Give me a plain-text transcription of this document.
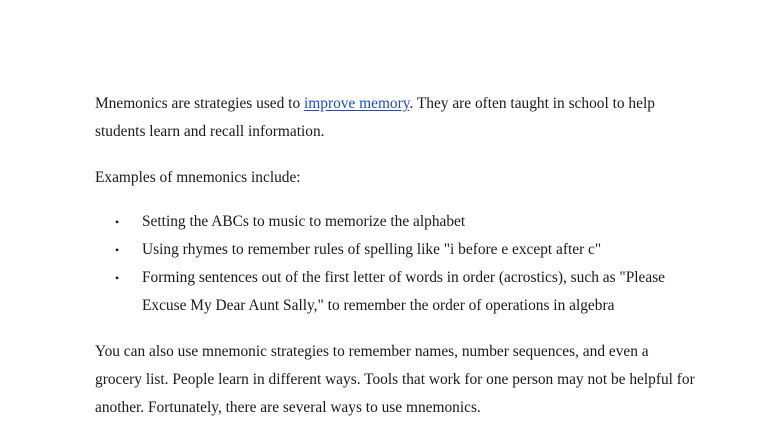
Mnemonics are strategies used to improve memory. They are often taught in school to help students learn and recall information.

Examples of mnemonics include:

•	Setting the ABCs to music to memorize the alphabet
•	Using rhymes to remember rules of spelling like "i before e except after c"
•	Forming sentences out of the first letter of words in order (acrostics), such as "Please Excuse My Dear Aunt Sally," to remember the order of operations in algebra

You can also use mnemonic strategies to remember names, number sequences, and even a grocery list. People learn in different ways. Tools that work for one person may not be helpful for another. Fortunately, there are several ways to use mnemonics.
